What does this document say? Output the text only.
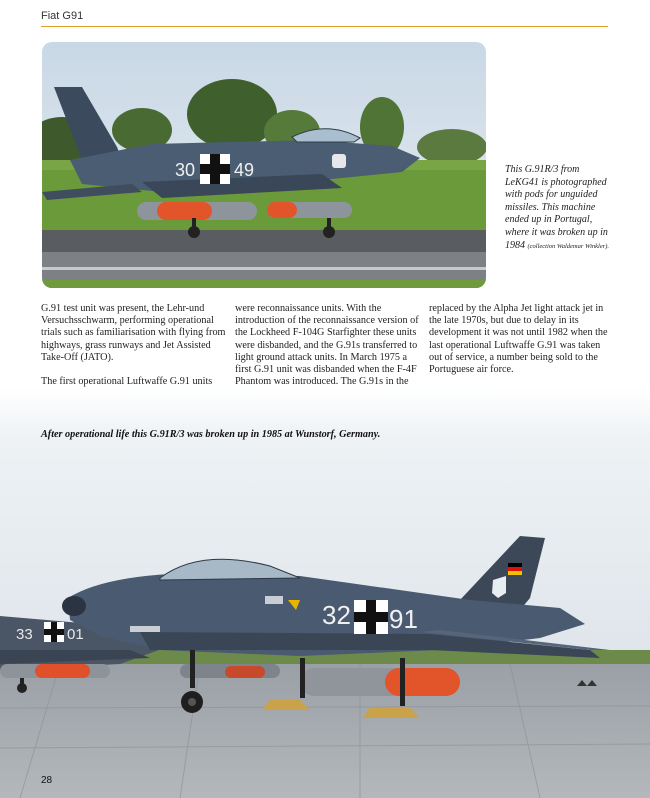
Fiat G91
30 49	This G.91R/3 from LeKG41 is photographed with pods for unguided missiles. This machine ended up in Portugal, where it was broken up in 1984 (collection Waldemar Winkler).

G.91 test unit was present, the Lehr-und Versuchsschwarm, performing operational trials such as familiarisation with flying from highways, grass runways and Jet Assisted Take-Off (JATO).

The first operational Luftwaffe G.91 units

were reconnaissance units. With the introduction of the reconnaissance version of the Lockheed F-104G Starfighter these units were disbanded, and the G.91s transferred to light ground attack units. In March 1975 a first G.91 unit was disbanded when the F-4F Phantom was introduced. The G.91s in the

replaced by the Alpha Jet light attack jet in the late 1970s, but due to delay in its development it was not until 1982 when the last operational Luftwaffe G.91 was taken out of service, a number being sold to the Portuguese air force.

33 01
32 91
After operational life this G.91R/3 was broken up in 1985 at Wunstorf, Germany.
28
